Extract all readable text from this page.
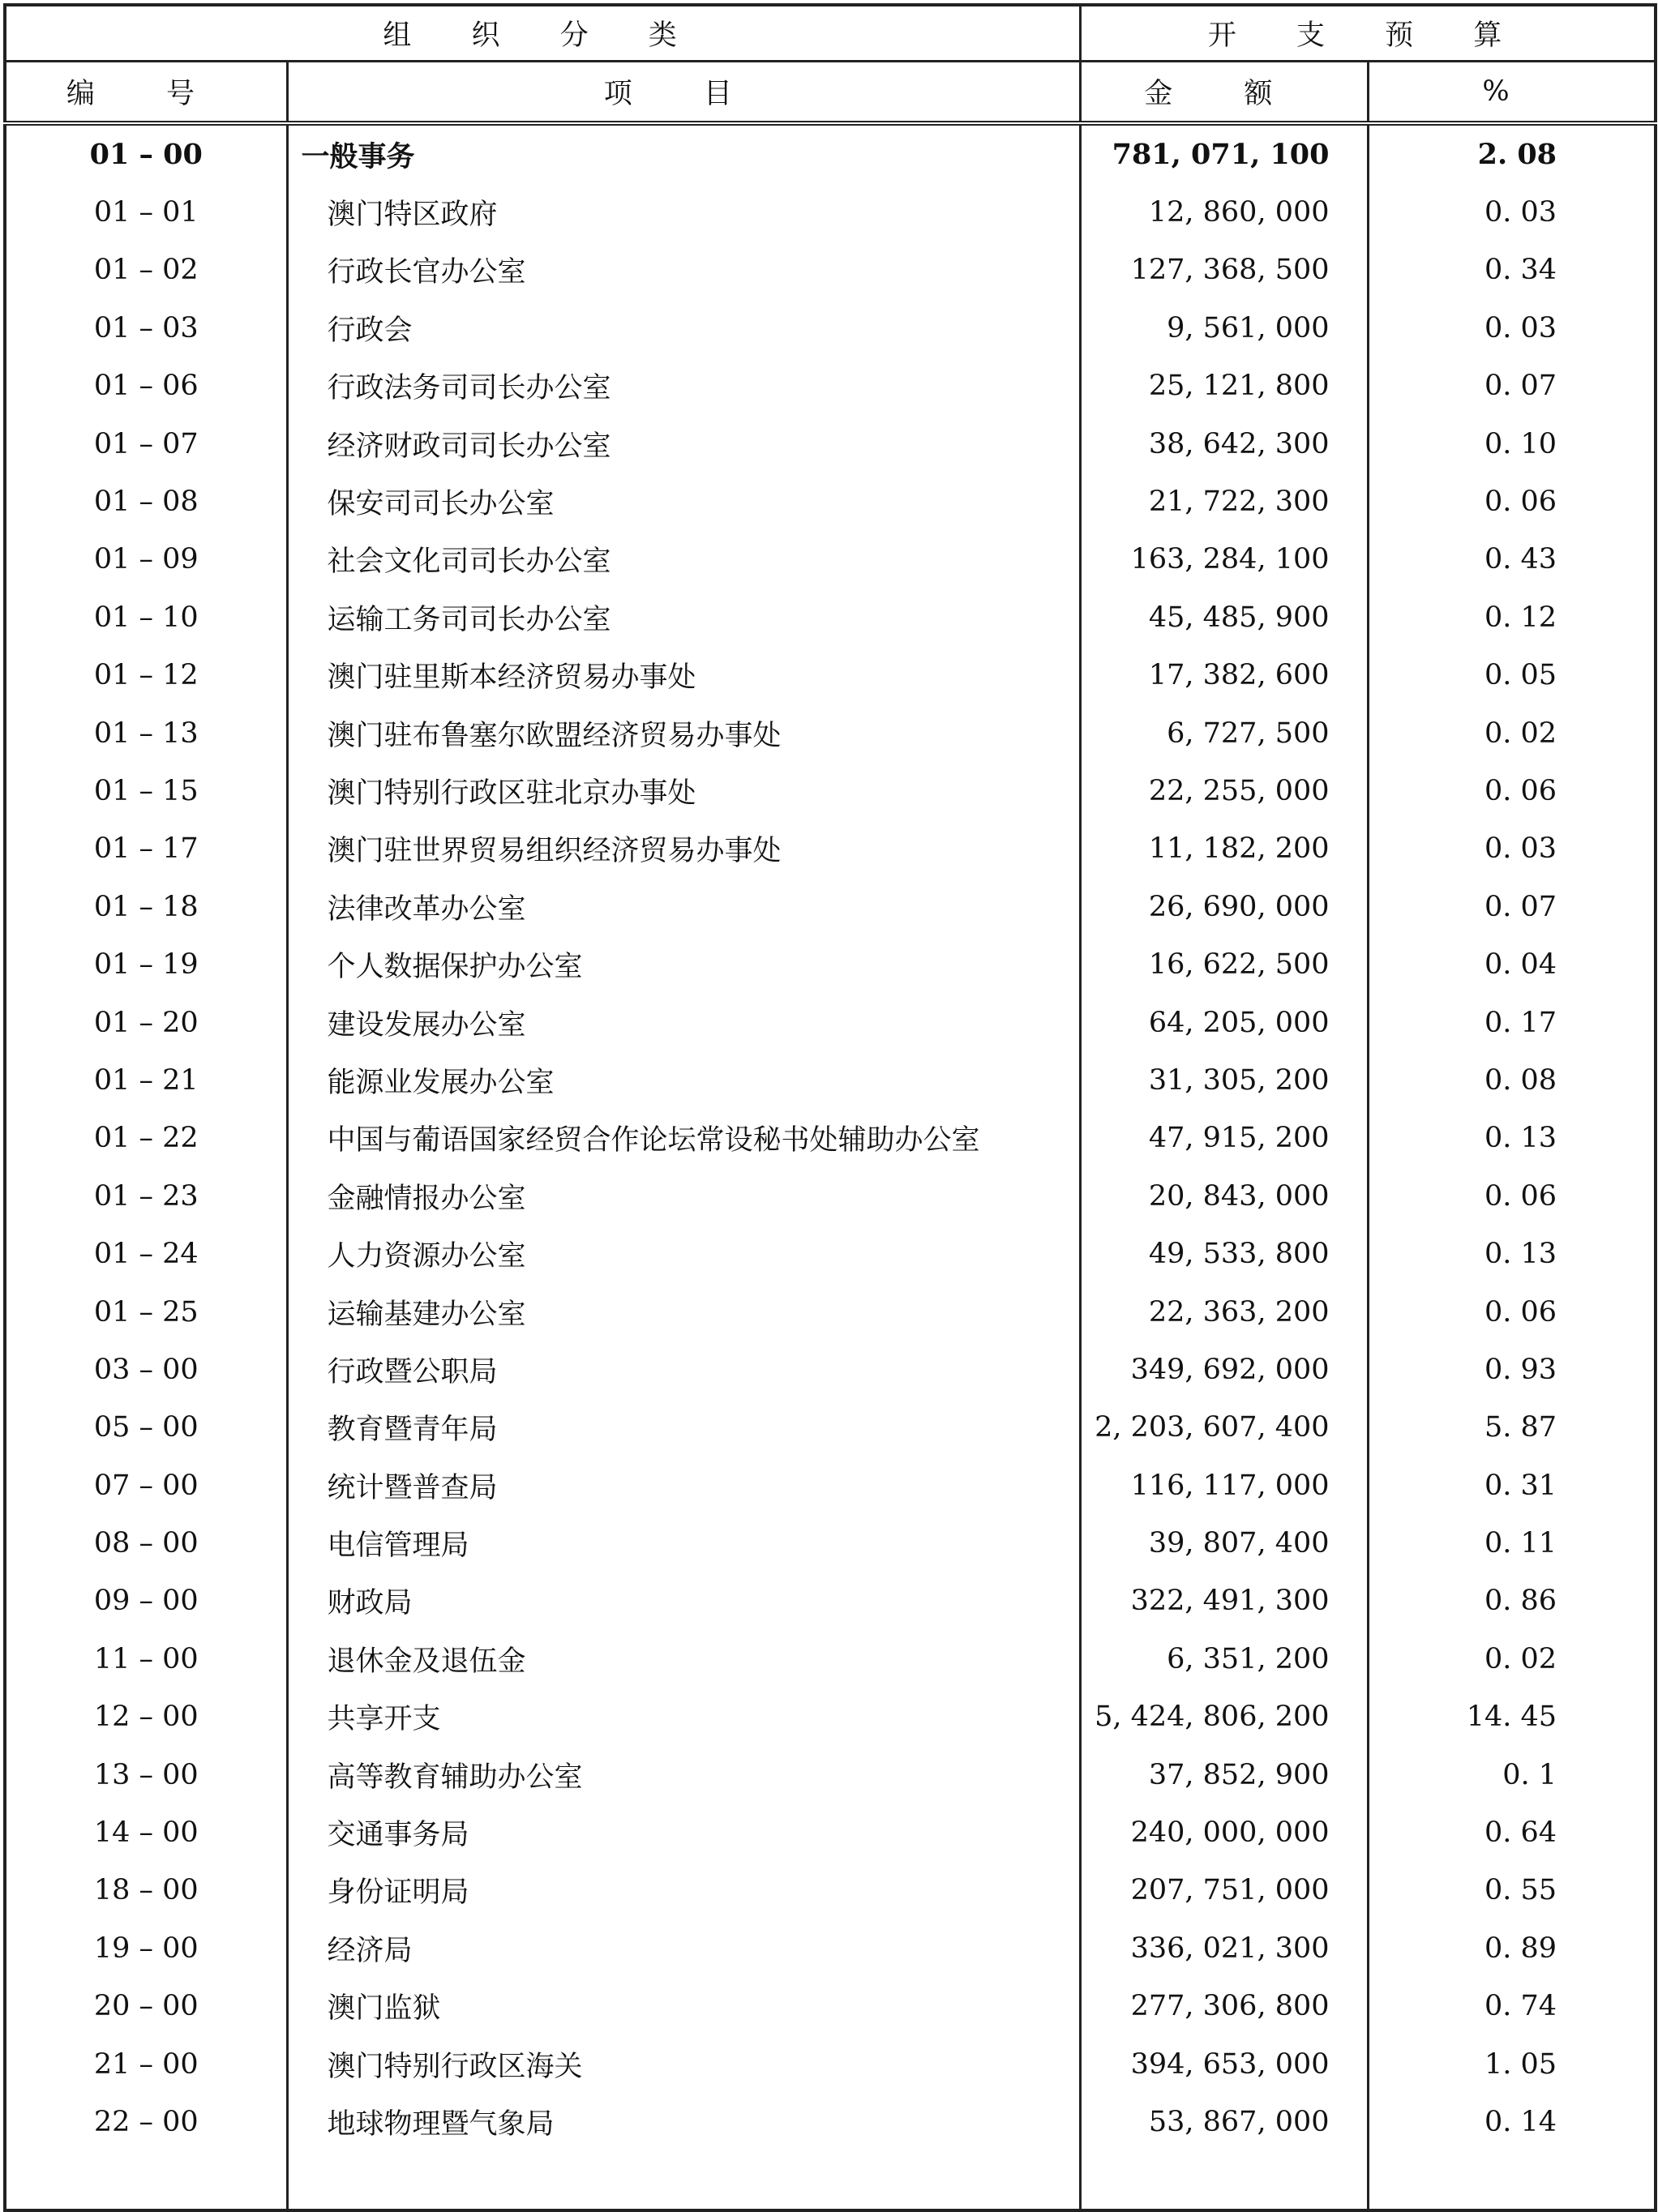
组 织 分 类		开 支 预 算	
编 号	项 目	金 额	%
01 – 00	一般事务	781, 071, 100	2. 08
01 – 01	澳门特区政府	12, 860, 000	0. 03
01 – 02	行政长官办公室	127, 368, 500	0. 34
01 – 03	行政会	9, 561, 000	0. 03
01 – 06	行政法务司司长办公室	25, 121, 800	0. 07
01 – 07	经济财政司司长办公室	38, 642, 300	0. 10
01 – 08	保安司司长办公室	21, 722, 300	0. 06
01 – 09	社会文化司司长办公室	163, 284, 100	0. 43
01 – 10	运输工务司司长办公室	45, 485, 900	0. 12
01 – 12	澳门驻里斯本经济贸易办事处	17, 382, 600	0. 05
01 – 13	澳门驻布鲁塞尔欧盟经济贸易办事处	6, 727, 500	0. 02
01 – 15	澳门特别行政区驻北京办事处	22, 255, 000	0. 06
01 – 17	澳门驻世界贸易组织经济贸易办事处	11, 182, 200	0. 03
01 – 18	法律改革办公室	26, 690, 000	0. 07
01 – 19	个人数据保护办公室	16, 622, 500	0. 04
01 – 20	建设发展办公室	64, 205, 000	0. 17
01 – 21	能源业发展办公室	31, 305, 200	0. 08
01 – 22	中国与葡语国家经贸合作论坛常设秘书处辅助办公室	47, 915, 200	0. 13
01 – 23	金融情报办公室	20, 843, 000	0. 06
01 – 24	人力资源办公室	49, 533, 800	0. 13
01 – 25	运输基建办公室	22, 363, 200	0. 06
03 – 00	行政暨公职局	349, 692, 000	0. 93
05 – 00	教育暨青年局	2, 203, 607, 400	5. 87
07 – 00	统计暨普查局	116, 117, 000	0. 31
08 – 00	电信管理局	39, 807, 400	0. 11
09 – 00	财政局	322, 491, 300	0. 86
11 – 00	退休金及退伍金	6, 351, 200	0. 02
12 – 00	共享开支	5, 424, 806, 200	14. 45
13 – 00	高等教育辅助办公室	37, 852, 900	0. 1
14 – 00	交通事务局	240, 000, 000	0. 64
18 – 00	身份证明局	207, 751, 000	0. 55
19 – 00	经济局	336, 021, 300	0. 89
20 – 00	澳门监狱	277, 306, 800	0. 74
21 – 00	澳门特别行政区海关	394, 653, 000	1. 05
22 – 00	地球物理暨气象局	53, 867, 000	0. 14
